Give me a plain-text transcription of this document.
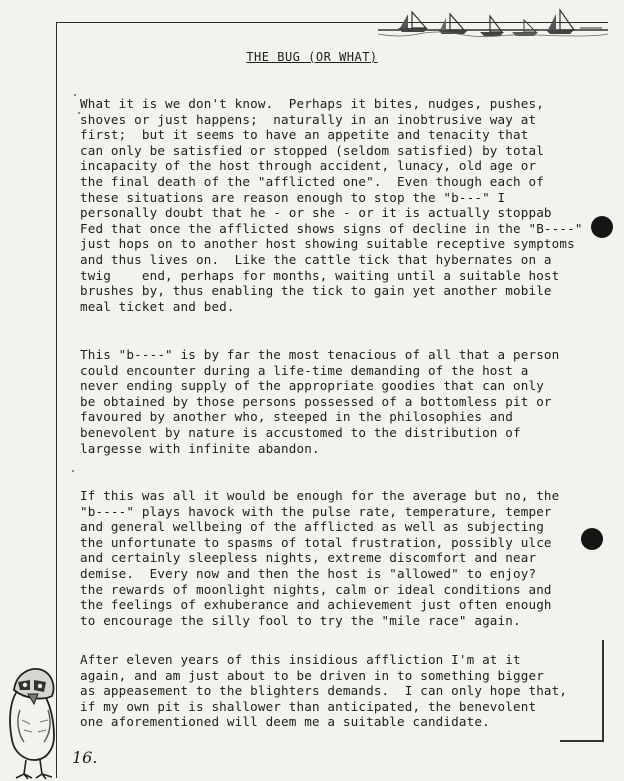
THE BUG (OR WHAT)
What it is we don't know.  Perhaps it bites, nudges, pushes,
shoves or just happens;  naturally in an inobtrusive way at
first;  but it seems to have an appetite and tenacity that
can only be satisfied or stopped (seldom satisfied) by total
incapacity of the host through accident, lunacy, old age or
the final death of the "afflicted one".  Even though each of
these situations are reason enough to stop the "b---" I
personally doubt that he - or she - or it is actually stoppab
Fed that once the afflicted shows signs of decline in the "B----"
just hops on to another host showing suitable receptive symptoms
and thus lives on.  Like the cattle tick that hybernates on a
twig    end, perhaps for months, waiting until a suitable host
brushes by, thus enabling the tick to gain yet another mobile
meal ticket and bed.
This "b----" is by far the most tenacious of all that a person
could encounter during a life-time demanding of the host a
never ending supply of the appropriate goodies that can only
be obtained by those persons possessed of a bottomless pit or
favoured by another who, steeped in the philosophies and
benevolent by nature is accustomed to the distribution of
largesse with infinite abandon.
If this was all it would be enough for the average but no, the
"b----" plays havock with the pulse rate, temperature, temper
and general wellbeing of the afflicted as well as subjecting
the unfortunate to spasms of total frustration, possibly ulce
and certainly sleepless nights, extreme discomfort and near
demise.  Every now and then the host is "allowed" to enjoy?
the rewards of moonlight nights, calm or ideal conditions and
the feelings of exhuberance and achievement just often enough
to encourage the silly fool to try the "mile race" again.
After eleven years of this insidious affliction I'm at it
again, and am just about to be driven in to something bigger
as appeasement to the blighters demands.  I can only hope that,
if my own pit is shallower than anticipated, the benevolent
one aforementioned will deem me a suitable candidate.
16.
